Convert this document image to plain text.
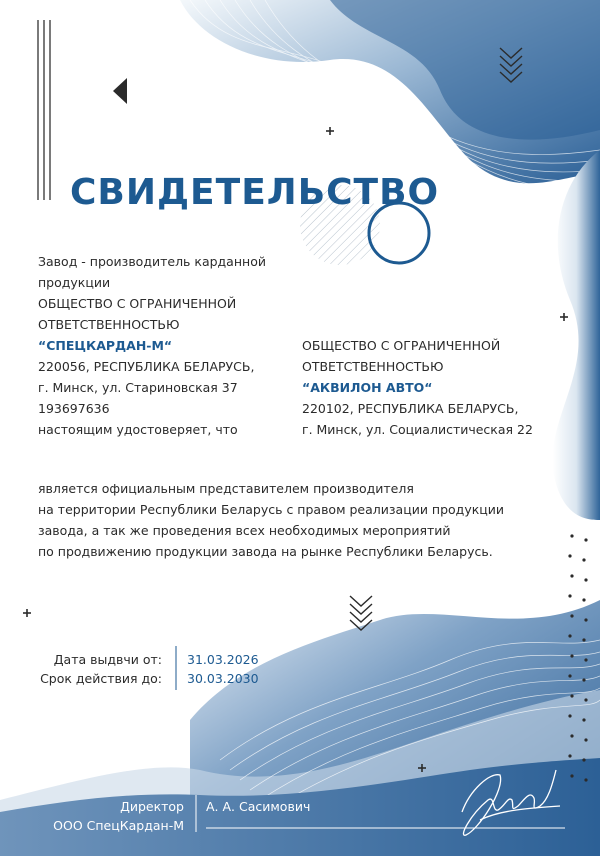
СВИДЕТЕЛЬСТВО
Завод - производитель карданной
продукции
ОБЩЕСТВО С ОГРАНИЧЕННОЙ
ОТВЕТСТВЕННОСТЬЮ
“СПЕЦКАРДАН-М“
220056, РЕСПУБЛИКА БЕЛАРУСЬ,
г. Минск, ул. Стариновская 37
193697636
настоящим удостоверяет, что
ОБЩЕСТВО С ОГРАНИЧЕННОЙ
ОТВЕТСТВЕННОСТЬЮ
“АКВИЛОН АВТО“
220102, РЕСПУБЛИКА БЕЛАРУСЬ,
г. Минск, ул. Социалистическая 22
является официальным представителем производителя
на территории Республики Беларусь с правом реализации продукции
завода, а так же проведения всех необходимых мероприятий
по продвижению продукции завода на рынке Республики Беларусь.
Дата выдвчи от:
Срок действия до:
31.03.2026
30.03.2030
Директор
ООО СпецКардан-М
А. А. Сасимович
